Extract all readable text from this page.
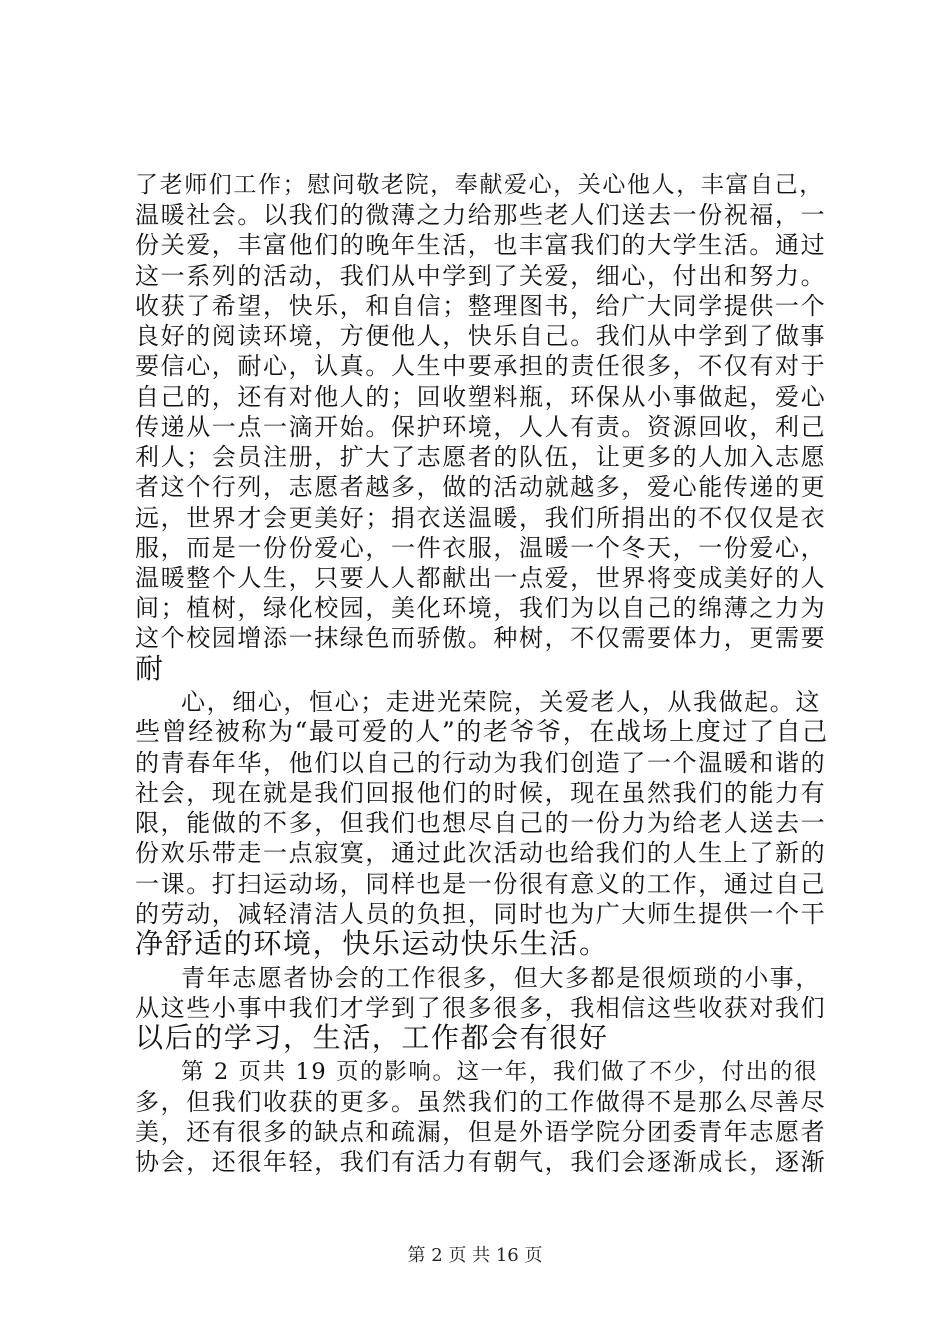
了老师们工作；慰问敬老院，奉献爱心，关心他人，丰富自己，
温暖社会。以我们的微薄之力给那些老人们送去一份祝福，一
份关爱，丰富他们的晚年生活，也丰富我们的大学生活。通过
这一系列的活动，我们从中学到了关爱，细心，付出和努力。
收获了希望，快乐，和自信；整理图书，给广大同学提供一个
良好的阅读环境，方便他人，快乐自己。我们从中学到了做事
要信心，耐心，认真。人生中要承担的责任很多，不仅有对于
自己的，还有对他人的；回收塑料瓶，环保从小事做起，爱心
传递从一点一滴开始。保护环境，人人有责。资源回收，利己
利人；会员注册，扩大了志愿者的队伍，让更多的人加入志愿
者这个行列，志愿者越多，做的活动就越多，爱心能传递的更
远，世界才会更美好；捐衣送温暖，我们所捐出的不仅仅是衣
服，而是一份份爱心，一件衣服，温暖一个冬天，一份爱心，
温暖整个人生，只要人人都献出一点爱，世界将变成美好的人
间；植树，绿化校园，美化环境，我们为以自己的绵薄之力为
这个校园增添一抹绿色而骄傲。种树，不仅需要体力，更需要
耐
心，细心，恒心；走进光荣院，关爱老人，从我做起。这
些曾经被称为“最可爱的人”的老爷爷，在战场上度过了自己
的青春年华，他们以自己的行动为我们创造了一个温暖和谐的
社会，现在就是我们回报他们的时候，现在虽然我们的能力有
限，能做的不多，但我们也想尽自己的一份力为给老人送去一
份欢乐带走一点寂寞，通过此次活动也给我们的人生上了新的
一课。打扫运动场，同样也是一份很有意义的工作，通过自己
的劳动，减轻清洁人员的负担，同时也为广大师生提供一个干
净舒适的环境，快乐运动快乐生活。
青年志愿者协会的工作很多，但大多都是很烦琐的小事，
从这些小事中我们才学到了很多很多，我相信这些收获对我们
以后的学习，生活，工作都会有很好
第 2 页共 19 页的影响。这一年，我们做了不少，付出的很
多，但我们收获的更多。虽然我们的工作做得不是那么尽善尽
美，还有很多的缺点和疏漏，但是外语学院分团委青年志愿者
协会，还很年轻，我们有活力有朝气，我们会逐渐成长，逐渐
第 2 页 共 16 页
